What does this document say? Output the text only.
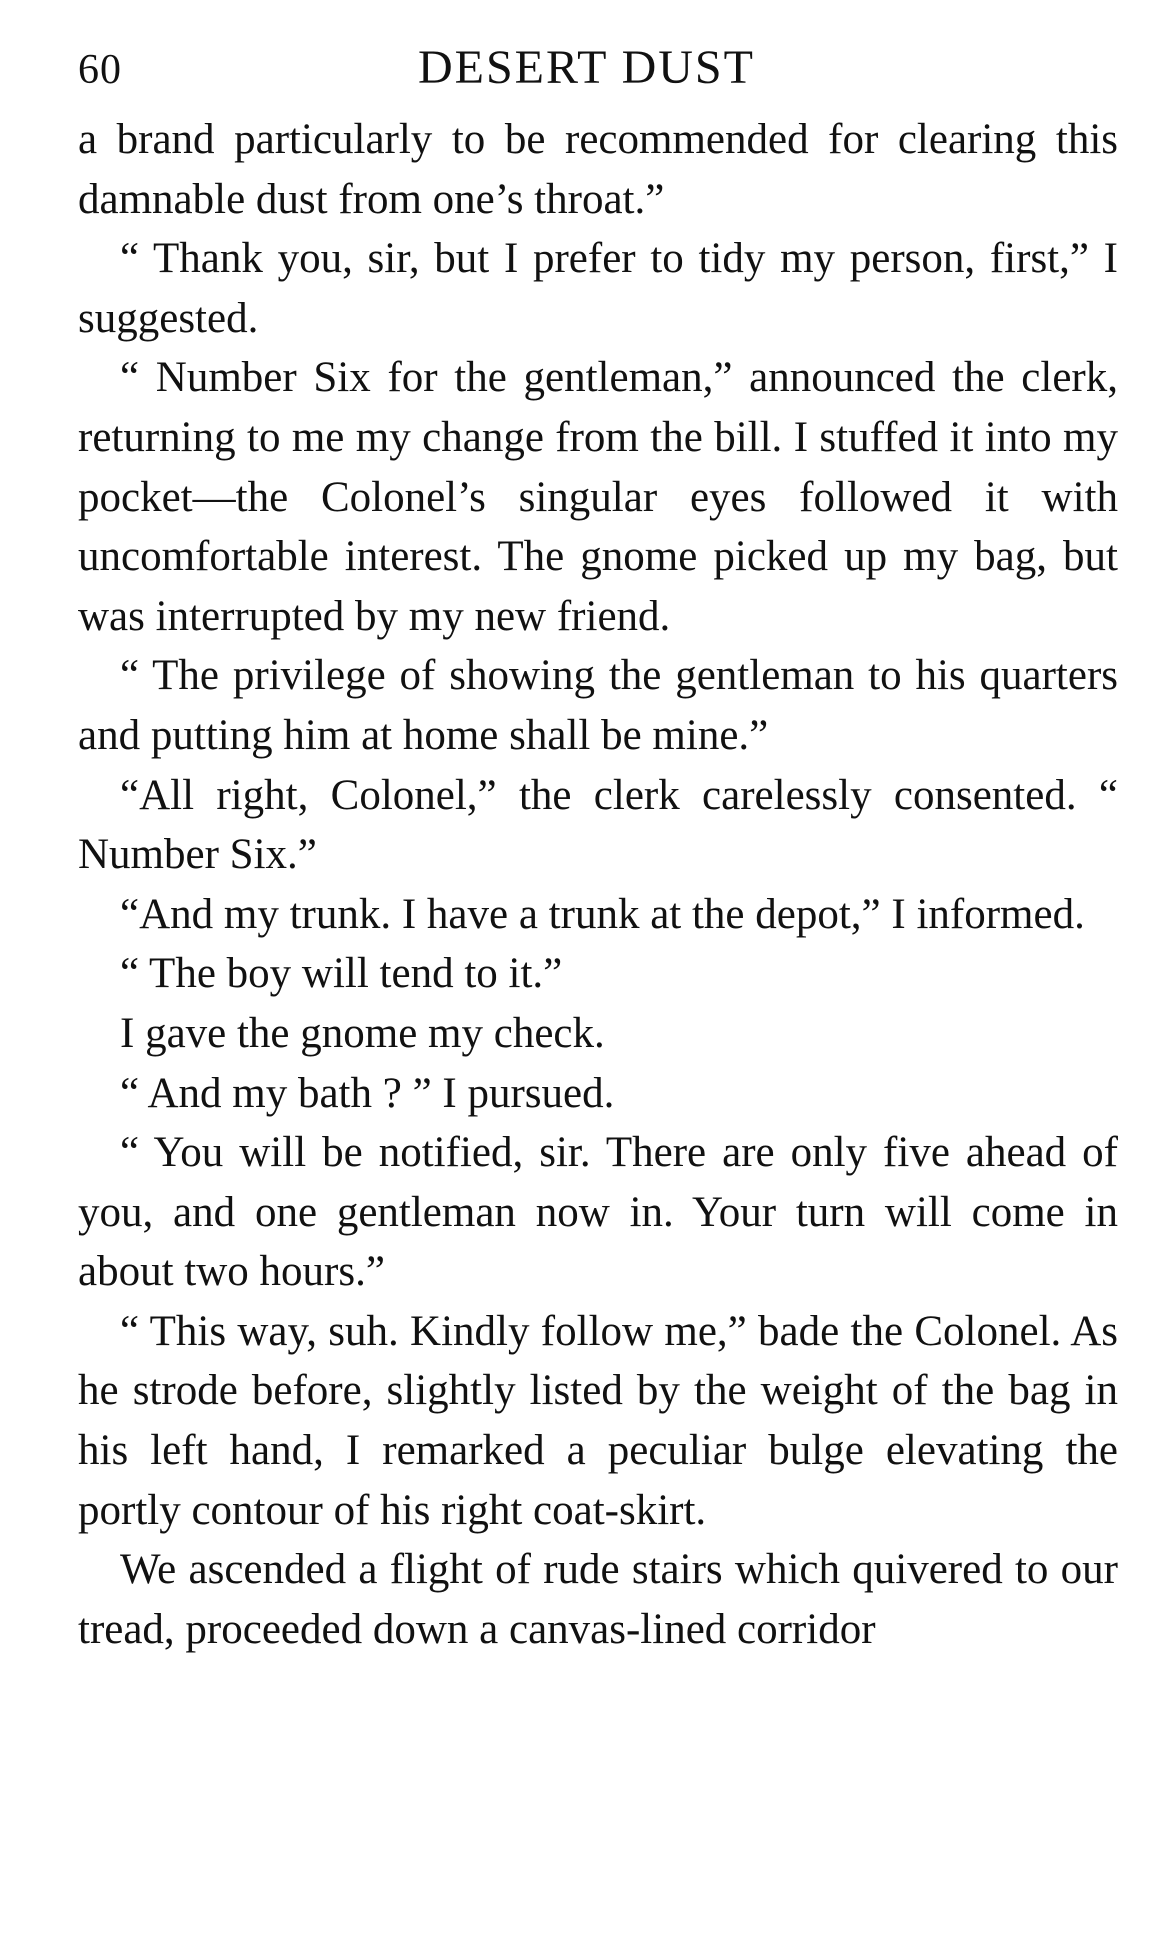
60	DESERT DUST

a brand particularly to be recommended for clearing this damnable dust from one’s throat.”

“ Thank you, sir, but I prefer to tidy my person, first,” I suggested.

“ Number Six for the gentleman,” announced the clerk, returning to me my change from the bill. I stuffed it into my pocket—the Colonel’s singular eyes followed it with uncomfortable interest. The gnome picked up my bag, but was interrupted by my new friend.

“ The privilege of showing the gentleman to his quarters and putting him at home shall be mine.”

“All right, Colonel,” the clerk carelessly consented. “ Number Six.”

“And my trunk. I have a trunk at the depot,” I informed.

“ The boy will tend to it.”

I gave the gnome my check.

“ And my bath ? ” I pursued.

“ You will be notified, sir. There are only five ahead of you, and one gentleman now in. Your turn will come in about two hours.”

“ This way, suh. Kindly follow me,” bade the Colonel. As he strode before, slightly listed by the weight of the bag in his left hand, I remarked a peculiar bulge elevating the portly contour of his right coat-skirt.

We ascended a flight of rude stairs which quivered to our tread, proceeded down a canvas-lined corridor
